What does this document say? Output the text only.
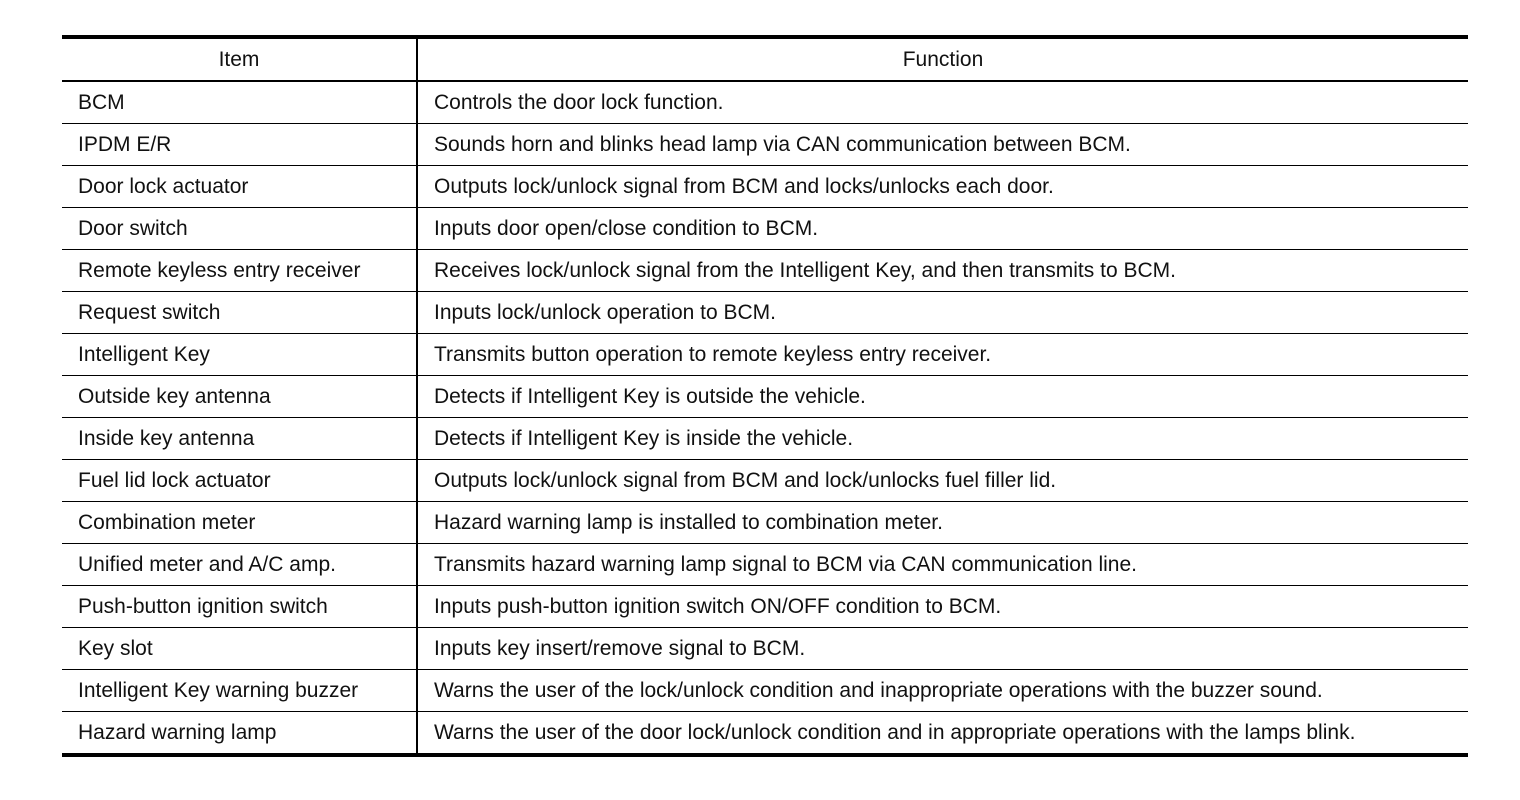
Item	Function
BCM	Controls the door lock function.
IPDM E/R	Sounds horn and blinks head lamp via CAN communication between BCM.
Door lock actuator	Outputs lock/unlock signal from BCM and locks/unlocks each door.
Door switch	Inputs door open/close condition to BCM.
Remote keyless entry receiver	Receives lock/unlock signal from the Intelligent Key, and then transmits to BCM.
Request switch	Inputs lock/unlock operation to BCM.
Intelligent Key	Transmits button operation to remote keyless entry receiver.
Outside key antenna	Detects if Intelligent Key is outside the vehicle.
Inside key antenna	Detects if Intelligent Key is inside the vehicle.
Fuel lid lock actuator	Outputs lock/unlock signal from BCM and lock/unlocks fuel filler lid.
Combination meter	Hazard warning lamp is installed to combination meter.
Unified meter and A/C amp.	Transmits hazard warning lamp signal to BCM via CAN communication line.
Push-button ignition switch	Inputs push-button ignition switch ON/OFF condition to BCM.
Key slot	Inputs key insert/remove signal to BCM.
Intelligent Key warning buzzer	Warns the user of the lock/unlock condition and inappropriate operations with the buzzer sound.
Hazard warning lamp	Warns the user of the door lock/unlock condition and in appropriate operations with the lamps blink.
